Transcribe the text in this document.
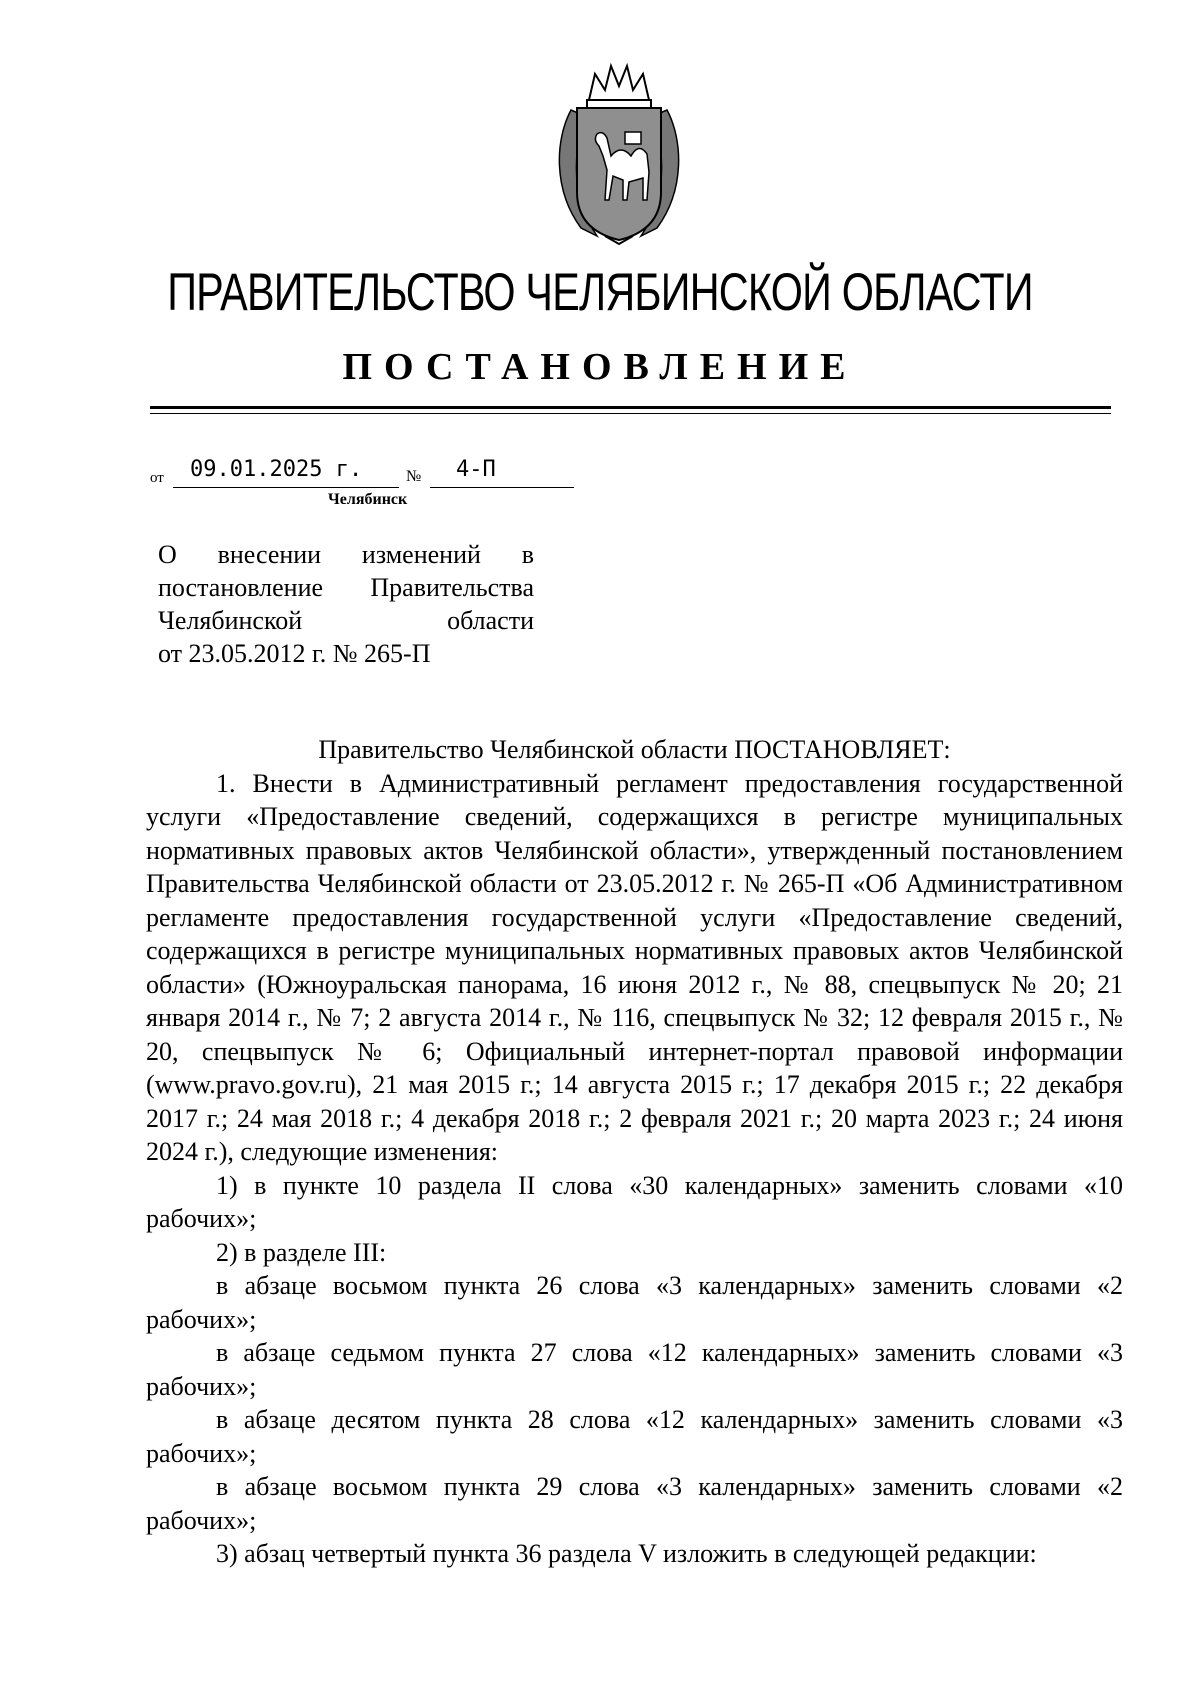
ПРАВИТЕЛЬСТВО ЧЕЛЯБИНСКОЙ ОБЛАСТИ
ПОСТАНОВЛЕНИЕ
от 09.01.2025 г.	№ 4-П
Челябинск
О внесении изменений в
постановление Правительства
Челябинской области
от 23.05.2012 г. № 265-П

Правительство Челябинской области ПОСТАНОВЛЯЕТ:

1. Внести в Административный регламент предоставления государственной услуги «Предоставление сведений, содержащихся в регистре муниципальных нормативных правовых актов Челябинской области», утвержденный постановлением Правительства Челябинской области от 23.05.2012 г. № 265-П «Об Административном регламенте предоставления государственной услуги «Предоставление сведений, содержащихся в регистре муниципальных нормативных правовых актов Челябинской области» (Южноуральская панорама, 16 июня 2012 г., № 88, спецвыпуск № 20; 21 января 2014 г., № 7; 2 августа 2014 г., № 116, спецвыпуск № 32; 12 февраля 2015 г., № 20, спецвыпуск № 6; Официальный интернет-портал правовой информации (www.pravo.gov.ru), 21 мая 2015 г.; 14 августа 2015 г.; 17 декабря 2015 г.; 22 декабря 2017 г.; 24 мая 2018 г.; 4 декабря 2018 г.; 2 февраля 2021 г.; 20 марта 2023 г.; 24 июня 2024 г.), следующие изменения:

1) в пункте 10 раздела II слова «30 календарных» заменить словами «10 рабочих»;

2) в разделе III:

в абзаце восьмом пункта 26 слова «3 календарных» заменить словами «2 рабочих»;

в абзаце седьмом пункта 27 слова «12 календарных» заменить словами «3 рабочих»;

в абзаце десятом пункта 28 слова «12 календарных» заменить словами «3 рабочих»;

в абзаце восьмом пункта 29 слова «3 календарных» заменить словами «2 рабочих»;

3) абзац четвертый пункта 36 раздела V изложить в следующей редакции:
